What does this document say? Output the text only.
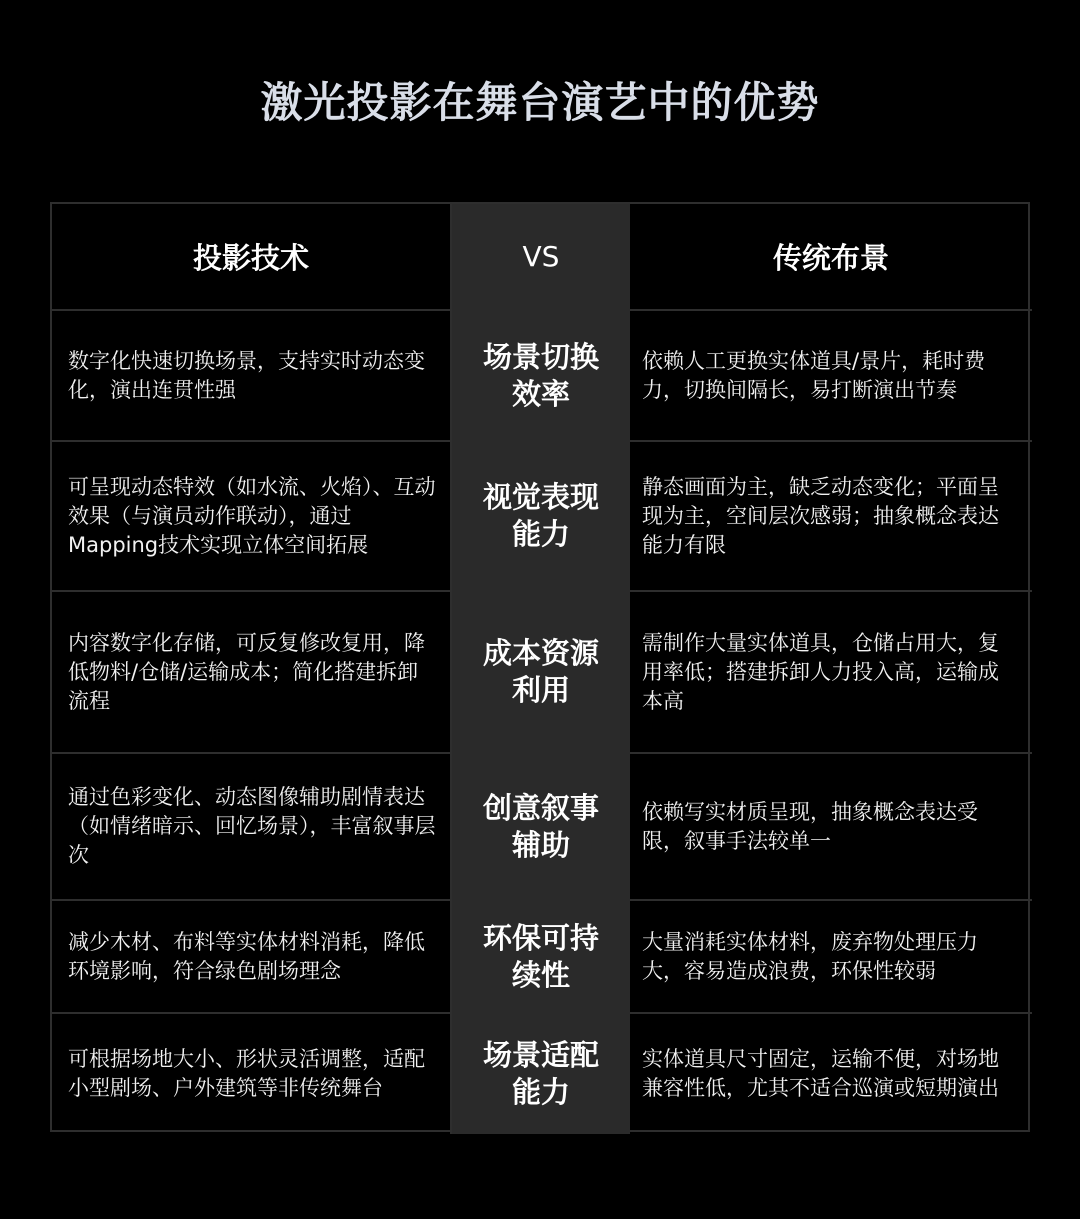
激光投影在舞台演艺中的优势
投影技术	VS	传统布景
数字化快速切换场景，支持实时动态变化，演出连贯性强
场景切换效率
依赖人工更换实体道具/景片，耗时费力，切换间隔长，易打断演出节奏
可呈现动态特效（如水流、火焰）、互动效果（与演员动作联动），通过Mapping技术实现立体空间拓展
视觉表现能力
静态画面为主，缺乏动态变化；平面呈现为主，空间层次感弱；抽象概念表达能力有限
内容数字化存储，可反复修改复用，降低物料/仓储/运输成本；简化搭建拆卸流程
成本资源利用
需制作大量实体道具，仓储占用大，复用率低；搭建拆卸人力投入高，运输成本高
通过色彩变化、动态图像辅助剧情表达（如情绪暗示、回忆场景），丰富叙事层次
创意叙事辅助
依赖写实材质呈现，抽象概念表达受限，叙事手法较单一
减少木材、布料等实体材料消耗，降低环境影响，符合绿色剧场理念
环保可持续性
大量消耗实体材料，废弃物处理压力大，容易造成浪费，环保性较弱
可根据场地大小、形状灵活调整，适配小型剧场、户外建筑等非传统舞台
场景适配能力
实体道具尺寸固定，运输不便，对场地兼容性低，尤其不适合巡演或短期演出
